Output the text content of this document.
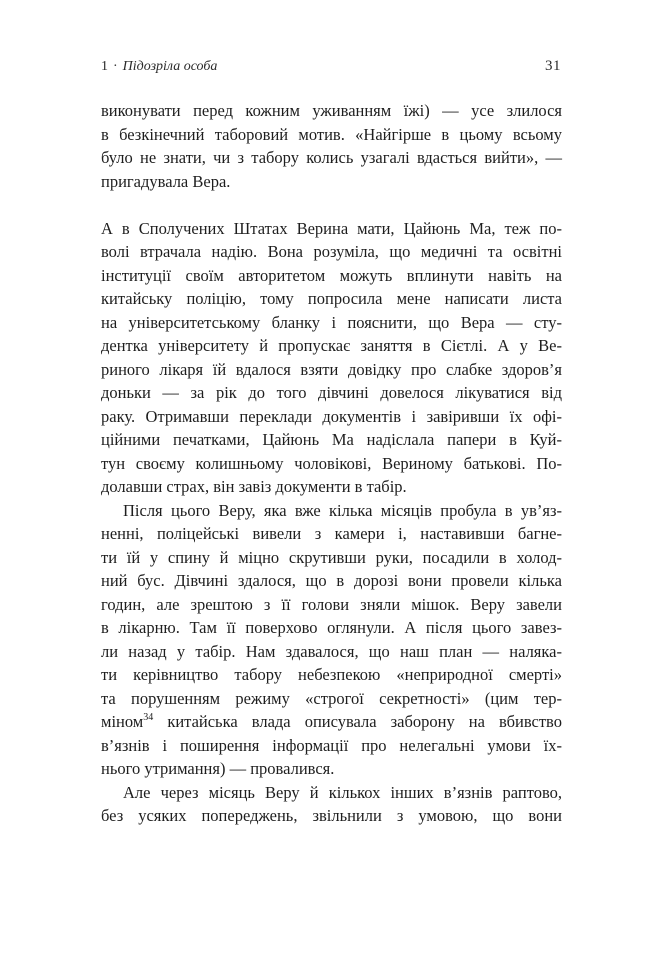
1 · Підозріла особа	31
виконувати перед кожним уживанням їжі) — усе злилося
в безкінечний таборовий мотив. «Найгірше в цьому всьому
було не знати, чи з табору колись узагалі вдасться вийти», —
пригадувала Вера.
А в Сполучених Штатах Верина мати, Цайюнь Ма, теж по-
волі втрачала надію. Вона розуміла, що медичні та освітні
інституції своїм авторитетом можуть вплинути навіть на
китайську поліцію, тому попросила мене написати листа
на університетському бланку і пояснити, що Вера — сту-
дентка університету й пропускає заняття в Сієтлі. А у Ве-
риного лікаря їй вдалося взяти довідку про слабке здоров’я
доньки — за рік до того дівчині довелося лікуватися від
раку. Отримавши переклади документів і завіривши їх офі-
ційними печатками, Цайюнь Ма надіслала папери в Куй-
тун своєму колишньому чоловікові, Вериному батькові. По-
долавши страх, він завіз документи в табір.
Після цього Веру, яка вже кілька місяців пробула в ув’яз-
ненні, поліцейські вивели з камери і, наставивши багне-
ти їй у спину й міцно скрутивши руки, посадили в холод-
ний бус. Дівчині здалося, що в дорозі вони провели кілька
годин, але зрештою з її голови зняли мішок. Веру завели
в лікарню. Там її поверхово оглянули. А після цього завез-
ли назад у табір. Нам здавалося, що наш план — наляка-
ти керівництво табору небезпекою «неприродної смерті»
та порушенням режиму «строгої секретності» (цим тер-
міном$^{34}$ китайська влада описувала заборону на вбивство
в’язнів і поширення інформації про нелегальні умови їх-
нього утримання) — провалився.
Але через місяць Веру й кількох інших в’язнів раптово,
без усяких попереджень, звільнили з умовою, що вони
